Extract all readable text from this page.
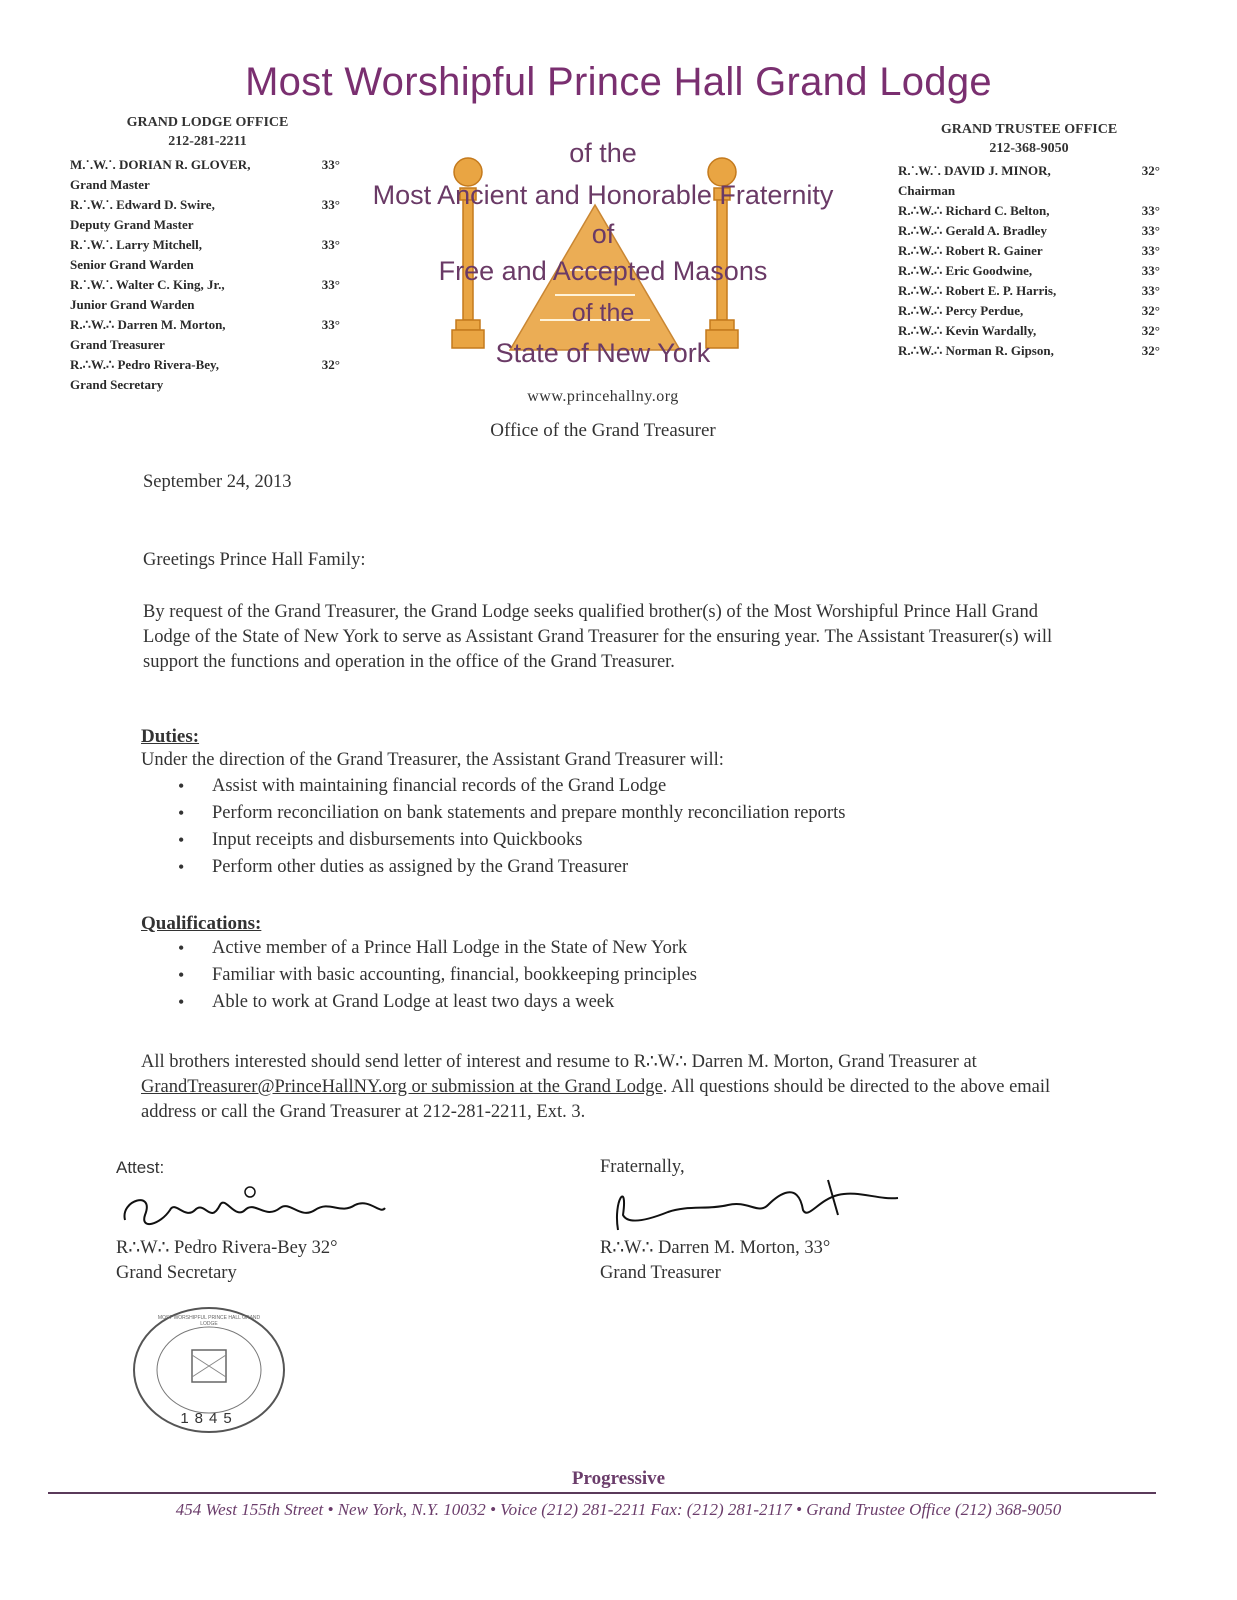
Most Worshipful Prince Hall Grand Lodge
of the
Most Ancient and Honorable Fraternity
of
Free and Accepted Masons
of the
State of New York
www.princehallny.org
Office of the Grand Treasurer
GRAND LODGE OFFICE
212-281-2211
M.˙.W.˙. DORIAN R. GLOVER,	33°
Grand Master
R.˙.W.˙. Edward D. Swire,	33°
Deputy Grand Master
R.˙.W.˙. Larry Mitchell,	33°
Senior Grand Warden
R.˙.W.˙. Walter C. King, Jr.,	33°
Junior Grand Warden
R.∴W.∴ Darren M. Morton,	33°
Grand Treasurer
R.∴W.∴ Pedro Rivera-Bey,	32°
Grand Secretary
GRAND TRUSTEE OFFICE
212-368-9050
R.˙.W.˙. DAVID J. MINOR,	32°
Chairman
R.∴W.∴ Richard C. Belton,	33°
R.∴W.∴ Gerald A. Bradley	33°
R.∴W.∴ Robert R. Gainer	33°
R.∴W.∴ Eric Goodwine,	33°
R.∴W.∴ Robert E. P. Harris,	33°
R.∴W.∴ Percy Perdue,	32°
R.∴W.∴ Kevin Wardally,	32°
R.∴W.∴ Norman R. Gipson,	32°
September 24, 2013
Greetings Prince Hall Family:
By request of the Grand Treasurer, the Grand Lodge seeks qualified brother(s) of the Most Worshipful Prince Hall Grand Lodge of the State of New York to serve as Assistant Grand Treasurer for the ensuring year. The Assistant Treasurer(s) will support the functions and operation in the office of the Grand Treasurer.
Duties:
Under the direction of the Grand Treasurer, the Assistant Grand Treasurer will:
• Assist with maintaining financial records of the Grand Lodge
• Perform reconciliation on bank statements and prepare monthly reconciliation reports
• Input receipts and disbursements into Quickbooks
• Perform other duties as assigned by the Grand Treasurer
Qualifications:
• Active member of a Prince Hall Lodge in the State of New York
• Familiar with basic accounting, financial, bookkeeping principles
• Able to work at Grand Lodge at least two days a week
All brothers interested should send letter of interest and resume to R∴W∴ Darren M. Morton, Grand Treasurer at GrandTreasurer@PrinceHallNY.org or submission at the Grand Lodge. All questions should be directed to the above email address or call the Grand Treasurer at 212-281-2211, Ext. 3.
Attest:
R∴W∴ Pedro Rivera-Bey 32°
Grand Secretary
Fraternally,
R∴W∴ Darren M. Morton, 33°
Grand Treasurer
1845
MOST WORSHIPFUL PRINCE HALL GRAND LODGE
Progressive
454 West 155th Street • New York, N.Y. 10032 • Voice (212) 281-2211 Fax: (212) 281-2117 • Grand Trustee Office (212) 368-9050
